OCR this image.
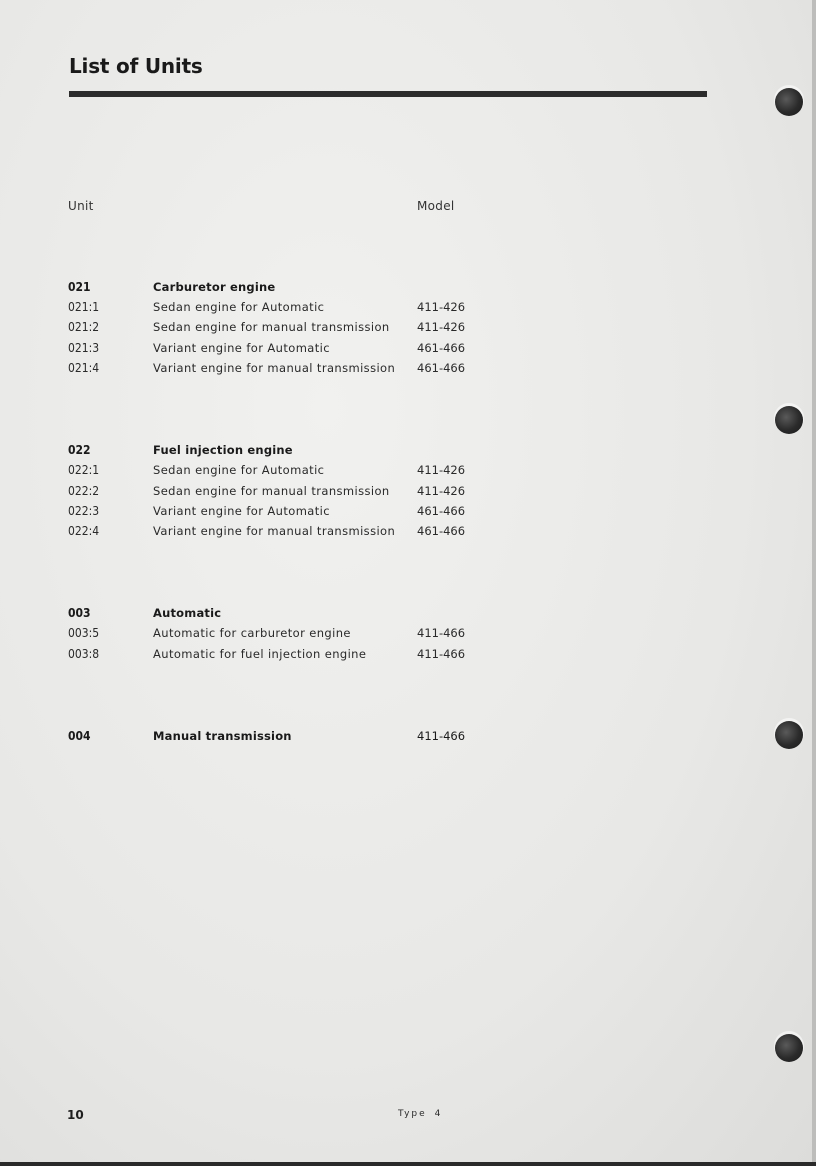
List of Units
Unit	Model
021	Carburetor engine
021:1	Sedan engine for Automatic	411-426
021:2	Sedan engine for manual transmission 411-426
021:3	Variant engine for Automatic	461-466
021:4	Variant engine for manual transmission 461-466
022	Fuel injection engine
022:1	Sedan engine for Automatic	411-426
022:2	Sedan engine for manual transmission 411-426
022:3	Variant engine for Automatic	461-466
022:4	Variant engine for manual transmission 461-466
003	Automatic
003:5	Automatic for carburetor engine	411-466
003:8	Automatic for fuel injection engine	411-466
004	Manual transmission	411-466
10	Type 4
